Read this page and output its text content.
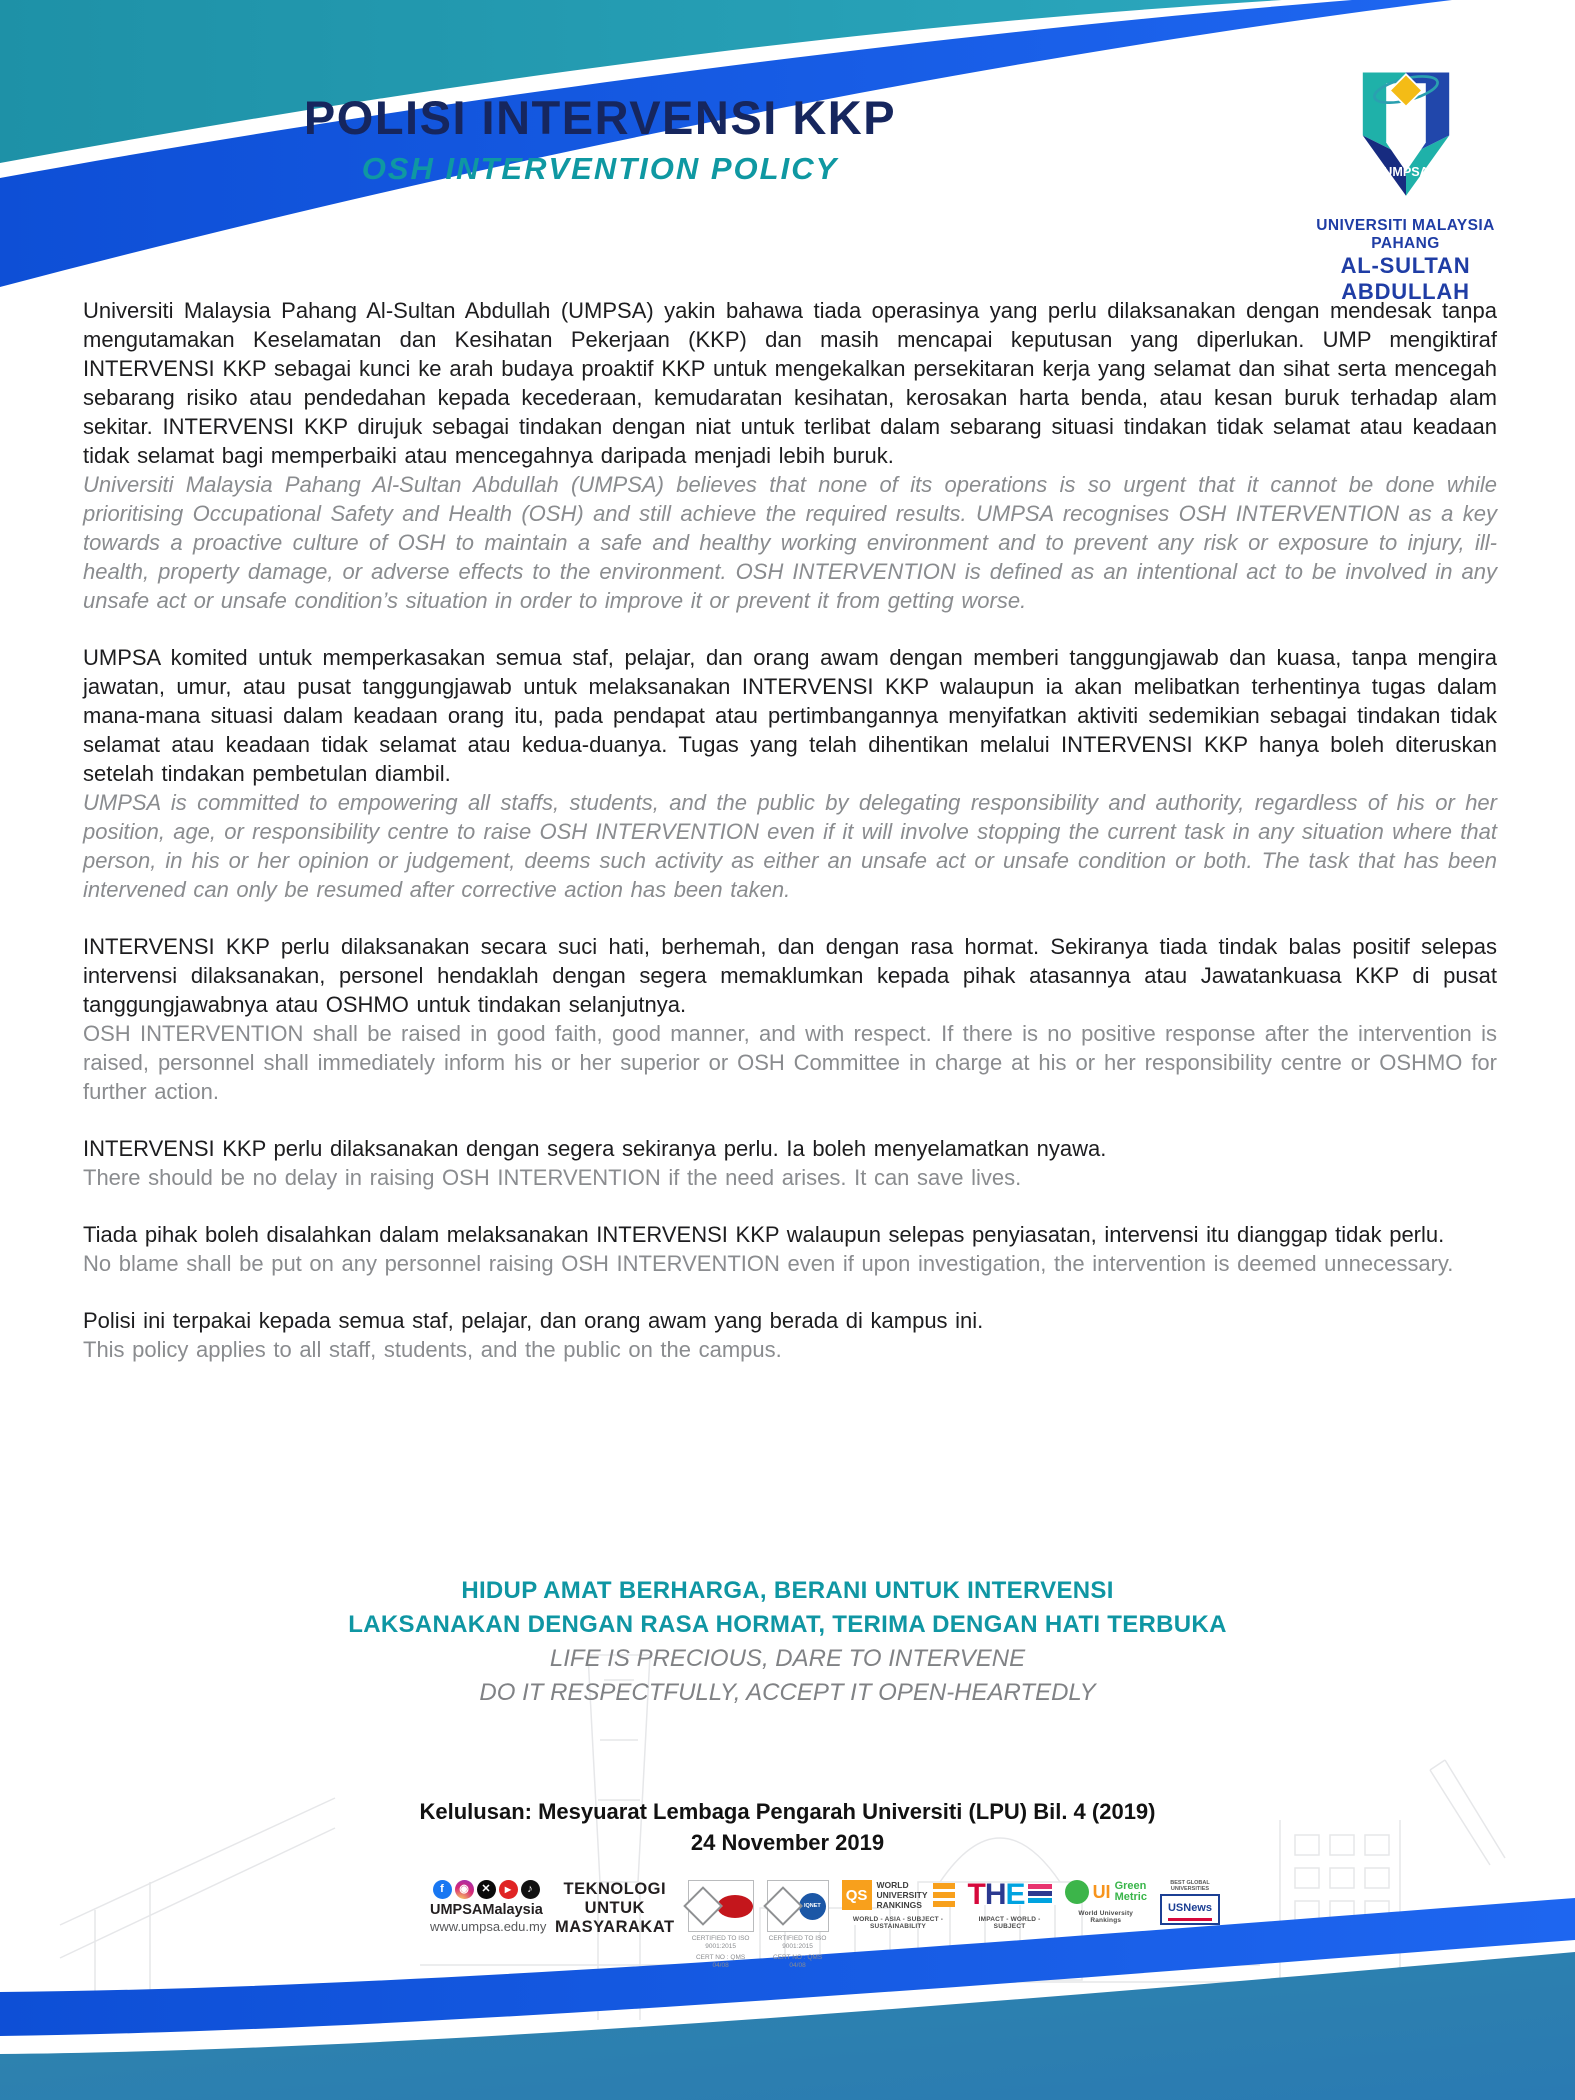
POLISI INTERVENSI KKP

OSH INTERVENTION POLICY	UMPSA

UNIVERSITI MALAYSIA PAHANG

AL-SULTAN ABDULLAH

Universiti Malaysia Pahang Al-Sultan Abdullah (UMPSA) yakin bahawa tiada operasinya yang perlu dilaksanakan dengan mendesak tanpa mengutamakan Keselamatan dan Kesihatan Pekerjaan (KKP) dan masih mencapai keputusan yang diperlukan. UMP mengiktiraf INTERVENSI KKP sebagai kunci ke arah budaya proaktif KKP untuk mengekalkan persekitaran kerja yang selamat dan sihat serta mencegah sebarang risiko atau pendedahan kepada kecederaan, kemudaratan kesihatan, kerosakan harta benda, atau kesan buruk terhadap alam sekitar. INTERVENSI KKP dirujuk sebagai tindakan dengan niat untuk terlibat dalam sebarang situasi tindakan tidak selamat atau keadaan tidak selamat bagi memperbaiki atau mencegahnya daripada menjadi lebih buruk.

Universiti Malaysia Pahang Al-Sultan Abdullah (UMPSA) believes that none of its operations is so urgent that it cannot be done while prioritising Occupational Safety and Health (OSH) and still achieve the required results. UMPSA recognises OSH INTERVENTION as a key towards a proactive culture of OSH to maintain a safe and healthy working environment and to prevent any risk or exposure to injury, ill-health, property damage, or adverse effects to the environment. OSH INTERVENTION is defined as an intentional act to be involved in any unsafe act or unsafe condition’s situation in order to improve it or prevent it from getting worse.

UMPSA komited untuk memperkasakan semua staf, pelajar, dan orang awam dengan memberi tanggungjawab dan kuasa, tanpa mengira jawatan, umur, atau pusat tanggungjawab untuk melaksanakan INTERVENSI KKP walaupun ia akan melibatkan terhentinya tugas dalam mana-mana situasi dalam keadaan orang itu, pada pendapat atau pertimbangannya menyifatkan aktiviti sedemikian sebagai tindakan tidak selamat atau keadaan tidak selamat atau kedua-duanya. Tugas yang telah dihentikan melalui INTERVENSI KKP hanya boleh diteruskan setelah tindakan pembetulan diambil.

UMPSA is committed to empowering all staffs, students, and the public by delegating responsibility and authority, regardless of his or her position, age, or responsibility centre to raise OSH INTERVENTION even if it will involve stopping the current task in any situation where that person, in his or her opinion or judgement, deems such activity as either an unsafe act or unsafe condition or both. The task that has been intervened can only be resumed after corrective action has been taken.

INTERVENSI KKP perlu dilaksanakan secara suci hati, berhemah, dan dengan rasa hormat. Sekiranya tiada tindak balas positif selepas intervensi dilaksanakan, personel hendaklah dengan segera memaklumkan kepada pihak atasannya atau Jawatankuasa KKP di pusat tanggungjawabnya atau OSHMO untuk tindakan selanjutnya.

OSH INTERVENTION shall be raised in good faith, good manner, and with respect. If there is no positive response after the intervention is raised, personnel shall immediately inform his or her superior or OSH Committee in charge at his or her responsibility centre or OSHMO for further action.

INTERVENSI KKP perlu dilaksanakan dengan segera sekiranya perlu. Ia boleh menyelamatkan nyawa.

There should be no delay in raising OSH INTERVENTION if the need arises. It can save lives.

Tiada pihak boleh disalahkan dalam melaksanakan INTERVENSI KKP walaupun selepas penyiasatan, intervensi itu dianggap tidak perlu.

No blame shall be put on any personnel raising OSH INTERVENTION even if upon investigation, the intervention is deemed unnecessary.

Polisi ini terpakai kepada semua staf, pelajar, dan orang awam yang berada di kampus ini.

This policy applies to all staff, students, and the public on the campus.

HIDUP AMAT BERHARGA, BERANI UNTUK INTERVENSI

LAKSANAKAN DENGAN RASA HORMAT, TERIMA DENGAN HATI TERBUKA

LIFE IS PRECIOUS, DARE TO INTERVENE

DO IT RESPECTFULLY, ACCEPT IT OPEN-HEARTEDLY

Kelulusan: Mesyuarat Lembaga Pengarah Universiti (LPU) Bil. 4 (2019)

24 November 2019

f	◉	✕	▶	♪

UMPSAMalaysia

www.umpsa.edu.my

TEKNOLOGI

UNTUK

MASYARAKAT

CERTIFIED TO ISO 9001:2015

CERT NO : QMS 04/08

IQNET

CERTIFIED TO ISO 9001:2015

CERT NO : QMS 04/08

QS

WORLD

UNIVERSITY

RANKINGS

WORLD - ASIA - SUBJECT - SUSTAINABILITY

THE

IMPACT - WORLD - SUBJECT

UI Green

Metric

World University Rankings

BEST GLOBAL UNIVERSITIES

USNews
